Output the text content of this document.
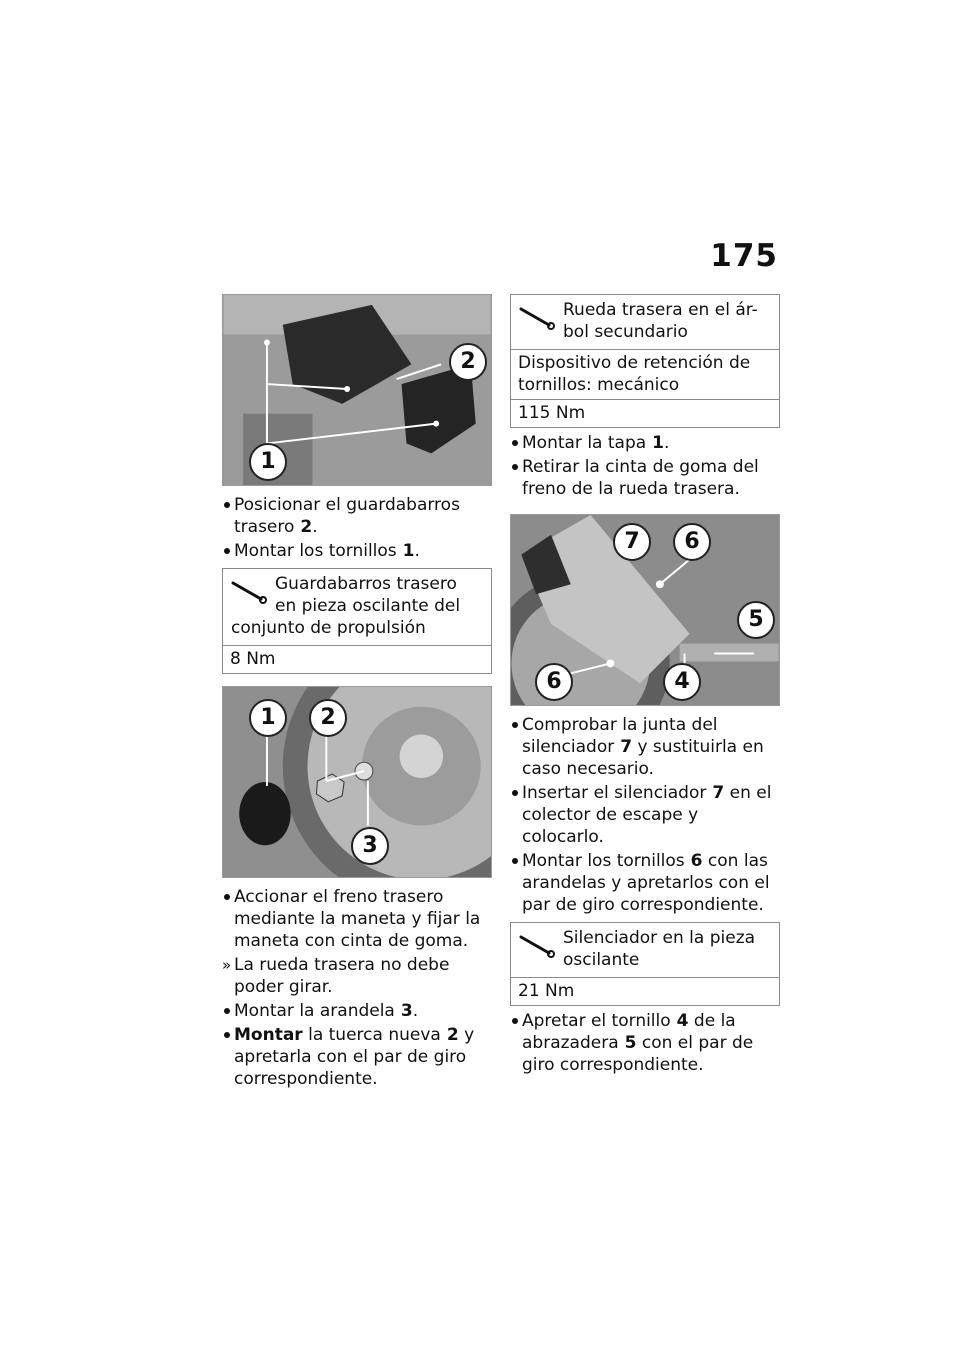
175
2
1
Posicionar el guardabarros trasero 2.
Montar los tornillos 1.
Guardabarros trasero
en pieza oscilante del
conjunto de propulsión
8 Nm
1	2
3
Accionar el freno trasero mediante la maneta y fijar la maneta con cinta de goma.
» La rueda trasera no debe poder girar.
Montar la arandela 3.
Montar la tuerca nueva 2 y apretarla con el par de giro correspondiente.
Rueda trasera en el ár-
bol secundario
Dispositivo de retención de tornillos: mecánico
115 Nm
Montar la tapa 1.
Retirar la cinta de goma del freno de la rueda trasera.
7	6
5
6	4
Comprobar la junta del silenciador 7 y sustituirla en caso necesario.
Insertar el silenciador 7 en el colector de escape y colocarlo.
Montar los tornillos 6 con las arandelas y apretarlos con el par de giro correspondiente.
Silenciador en la pieza
oscilante
21 Nm
Apretar el tornillo 4 de la abrazadera 5 con el par de giro correspondiente.
